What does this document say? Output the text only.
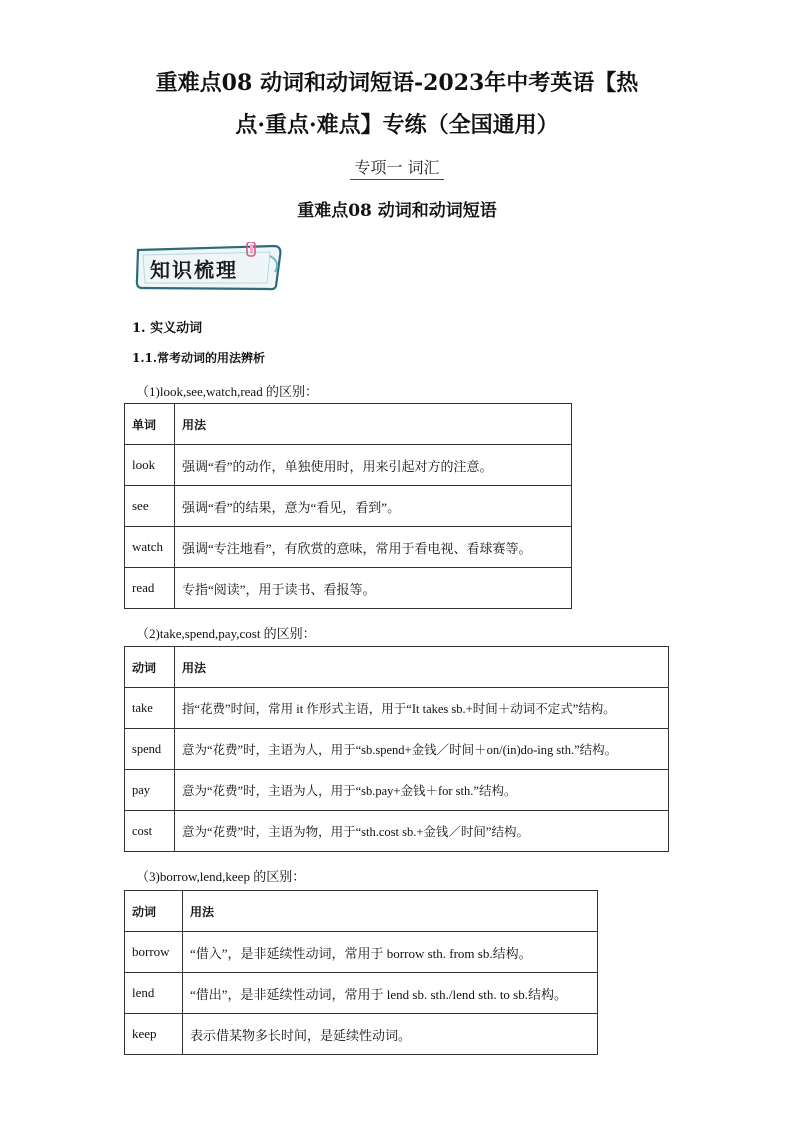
重难点08 动词和动词短语-2023年中考英语【热
点·重点·难点】专练（全国通用）
专项一 词汇
重难点08 动词和动词短语
知识梳理
1. 实义动词
1.1.常考动词的用法辨析
（1)look,see,watch,read 的区别：
单词	用法
look	强调“看”的动作，单独使用时，用来引起对方的注意。
see	强调“看”的结果，意为“看见，看到”。
watch	强调“专注地看”，有欣赏的意味，常用于看电视、看球赛等。
read	专指“阅读”，用于读书、看报等。
（2)take,spend,pay,cost 的区别：
动词	用法
take	指“花费”时间，常用 it 作形式主语，用于“It takes sb.+时间＋动词不定式”结构。
spend	意为“花费”时，主语为人，用于“sb.spend+金钱／时间＋on/(in)do-ing sth.”结构。
pay	意为“花费”时，主语为人，用于“sb.pay+金钱＋for sth.”结构。
cost	意为“花费”时，主语为物，用于“sth.cost sb.+金钱／时间”结构。
（3)borrow,lend,keep 的区别：
动词	用法
borrow	“借入”，是非延续性动词，常用于 borrow sth. from sb.结构。
lend	“借出”，是非延续性动词，常用于 lend sb. sth./lend sth. to sb.结构。
keep	表示借某物多长时间，是延续性动词。
